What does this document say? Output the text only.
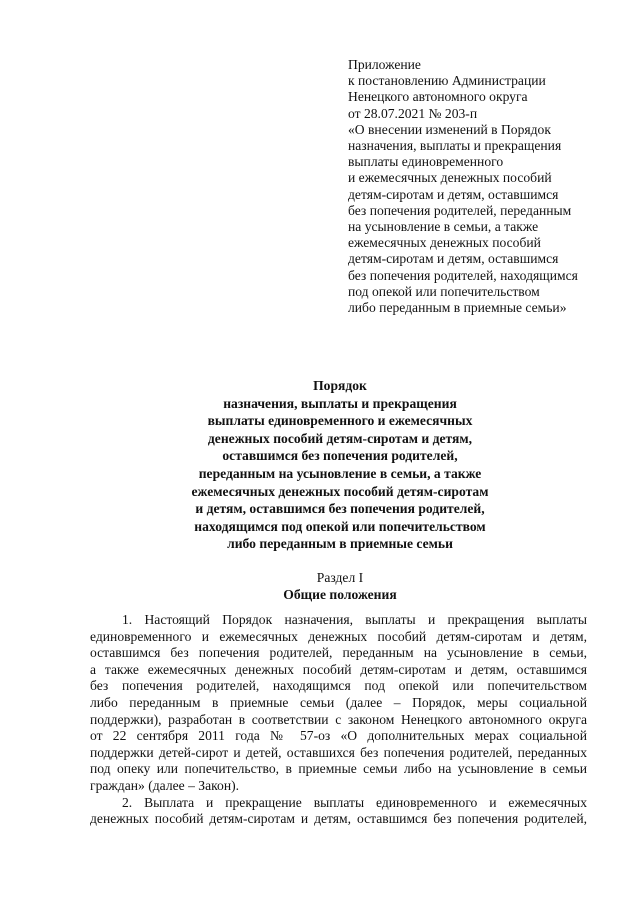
Приложение
к постановлению Администрации
Ненецкого автономного округа
от 28.07.2021 № 203-п
«О внесении изменений в Порядок
назначения, выплаты и прекращения
выплаты единовременного
и ежемесячных денежных пособий
детям-сиротам и детям, оставшимся
без попечения родителей, переданным
на усыновление в семьи, а также
ежемесячных денежных пособий
детям-сиротам и детям, оставшимся
без попечения родителей, находящимся
под опекой или попечительством
либо переданным в приемные семьи»
Порядок
назначения, выплаты и прекращения
выплаты единовременного и ежемесячных
денежных пособий детям-сиротам и детям,
оставшимся без попечения родителей,
переданным на усыновление в семьи, а также
ежемесячных денежных пособий детям-сиротам
и детям, оставшимся без попечения родителей,
находящимся под опекой или попечительством
либо переданным в приемные семьи
Раздел I
Общие положения
1. Настоящий Порядок назначения, выплаты и прекращения выплаты
единовременного и ежемесячных денежных пособий детям-сиротам и детям,
оставшимся без попечения родителей, переданным на усыновление в семьи,
а также ежемесячных денежных пособий детям-сиротам и детям, оставшимся
без попечения родителей, находящимся под опекой или попечительством
либо переданным в приемные семьи (далее – Порядок, меры социальной
поддержки), разработан в соответствии с законом Ненецкого автономного округа
от 22 сентября 2011 года № 57-оз «О дополнительных мерах социальной
поддержки детей-сирот и детей, оставшихся без попечения родителей, переданных
под опеку или попечительство, в приемные семьи либо на усыновление в семьи
граждан» (далее – Закон).
2. Выплата и прекращение выплаты единовременного и ежемесячных
денежных пособий детям-сиротам и детям, оставшимся без попечения родителей,
